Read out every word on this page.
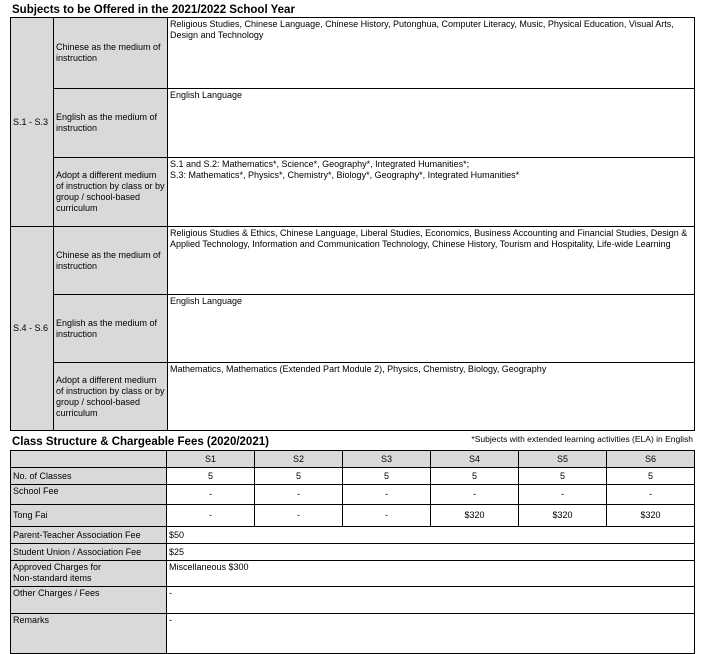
Subjects to be Offered in the 2021/2022 School Year
S.1 - S.3	Chinese as the medium of instruction	Religious Studies, Chinese Language, Chinese History, Putonghua, Computer Literacy, Music, Physical Education, Visual Arts, Design and Technology
	English as the medium of instruction	English Language
	Adopt a different medium of instruction by class or by group / school-based curriculum	S.1 and S.2: Mathematics*, Science*, Geography*, Integrated Humanities*;
S.3: Mathematics*, Physics*, Chemistry*, Biology*, Geography*, Integrated Humanities*
S.4 - S.6	Chinese as the medium of instruction	Religious Studies & Ethics, Chinese Language, Liberal Studies, Economics, Business Accounting and Financial Studies, Design & Applied Technology, Information and Communication Technology, Chinese History, Tourism and Hospitality, Life-wide Learning
	English as the medium of instruction	English Language
	Adopt a different medium of instruction by class or by group / school-based curriculum	Mathematics, Mathematics (Extended Part Module 2), Physics, Chemistry, Biology, Geography
Class Structure & Chargeable Fees (2020/2021)	*Subjects with extended learning activities (ELA) in English
	S1	S2	S3	S4	S5	S6
No. of Classes	5	5	5	5	5	5
School Fee	-	-	-	-	-	-
Tong Fai	-	-	-	$320	$320	$320
Parent-Teacher Association Fee	$50					
Student Union / Association Fee	$25					
Approved Charges for
Non-standard items	Miscellaneous $300					
Other Charges / Fees	-					
Remarks	-					
